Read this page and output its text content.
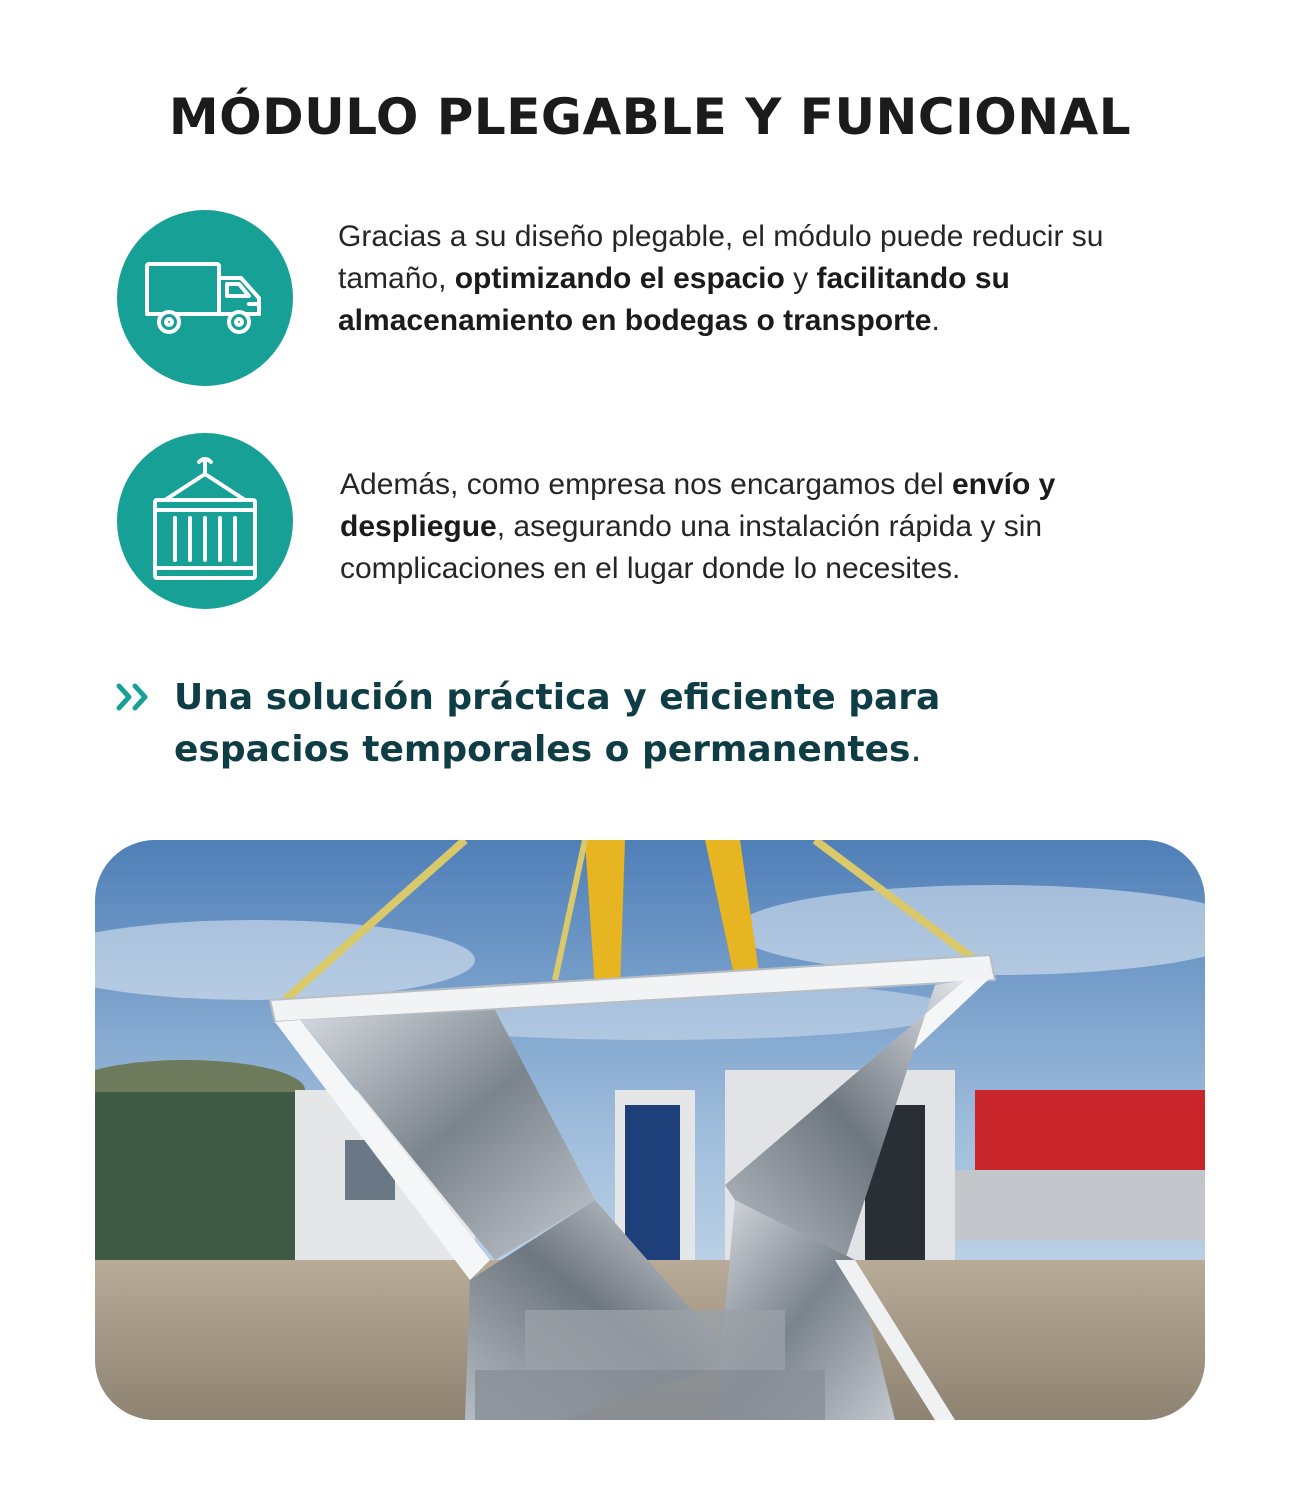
MÓDULO PLEGABLE Y FUNCIONAL

Gracias a su diseño plegable, el módulo puede reducir su tamaño, optimizando el espacio y facilitando su almacenamiento en bodegas o transporte.

Además, como empresa nos encargamos del envío y despliegue, asegurando una instalación rápida y sin complicaciones en el lugar donde lo necesites.

Una solución práctica y eficiente para espacios temporales o permanentes.
